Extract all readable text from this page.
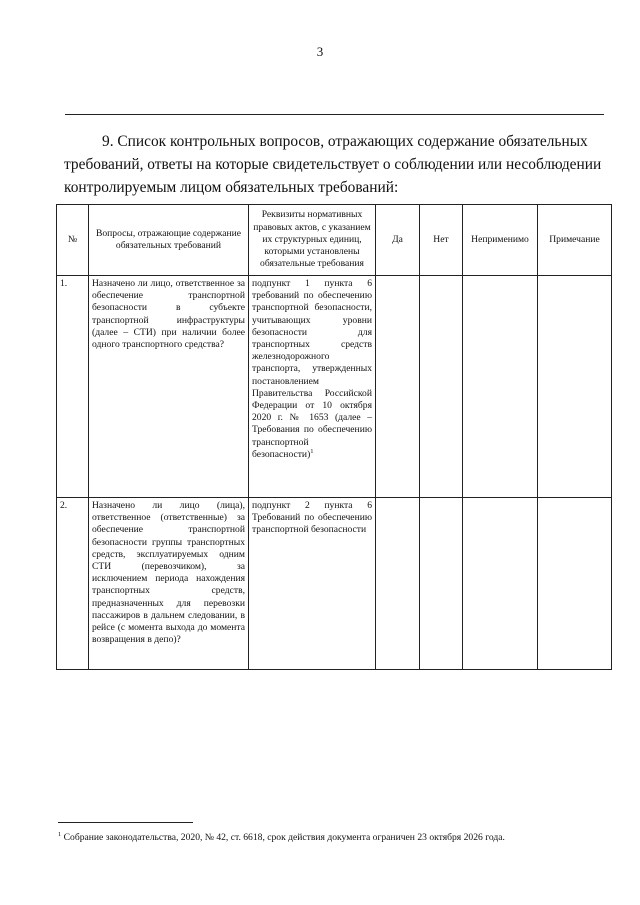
3
9. Список контрольных вопросов, отражающих содержание обязательных
требований, ответы на которые свидетельствует о соблюдении или несоблюдении
контролируемым лицом обязательных требований:
№	Вопросы, отражающие содержание обязательных требований	Реквизиты нормативных правовых актов, с указанием их структурных единиц, которыми установлены обязательные требования	Да	Нет	Неприменимо	Примечание
1.	Назначено ли лицо, ответственное за обеспечение транспортной безопасности в субъекте транспортной инфраструктуры (далее – СТИ) при наличии более одного транспортного средства?	подпункт 1 пункта 6 требований по обеспечению транспортной безопасности, учитывающих уровни безопасности для транспортных средств железнодорожного транспорта, утвержденных постановлением Правительства Российской Федерации от 10 октября 2020 г. № 1653 (далее – Требования по обеспечению транспортной безопасности)$^1$				
2.	Назначено ли лицо (лица), ответственное (ответственные) за обеспечение транспортной безопасности группы транспортных средств, эксплуатируемых одним СТИ (перевозчиком), за исключением периода нахождения транспортных средств, предназначенных для перевозки пассажиров в дальнем следовании, в рейсе (с момента выхода до момента возвращения в депо)?	подпункт 2 пункта 6 Требований по обеспечению транспортной безопасности				
$^1$ Собрание законодательства, 2020, № 42, ст. 6618, срок действия документа ограничен 23 октября 2026 года.
